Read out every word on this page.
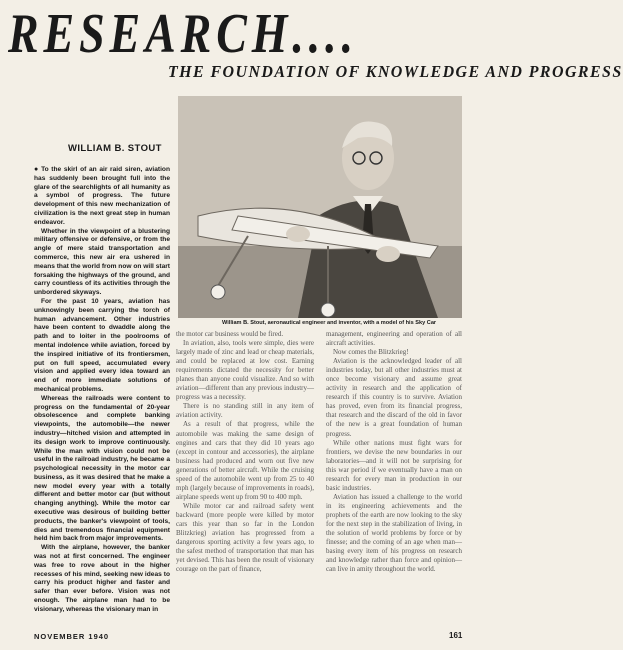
RESEARCH....
THE FOUNDATION OF KNOWLEDGE AND PROGRESS
WILLIAM B. STOUT

● To the skirl of an air raid siren, aviation has suddenly been brought full into the glare of the searchlights of all humanity as a symbol of progress. The future development of this new mechanization of civilization is the next great step in human endeavor.

Whether in the viewpoint of a blustering military offensive or defensive, or from the angle of mere staid transportation and commerce, this new air era ushered in means that the world from now on will start forsaking the highways of the ground, and carry countless of its activities through the unbordered skyways.

For the past 10 years, aviation has unknowingly been carrying the torch of human advancement. Other industries have been content to dwaddle along the path and to loiter in the poolrooms of mental indolence while aviation, forced by the inspired initiative of its frontiersmen, put on full speed, accumulated every vision and applied every idea toward an end of more immediate solutions of mechanical problems.

Whereas the railroads were content to progress on the fundamental of 20-year obsolescence and complete banking viewpoints, the automobile—the newer industry—hitched vision and attempted in its design work to improve continuously. While the man with vision could not be useful in the railroad industry, he became a psychological necessity in the motor car business, as it was desired that he make a new model every year with a totally different and better motor car (but without changing anything). While the motor car executive was desirous of building better products, the banker's viewpoint of tools, dies and tremendous financial equipment held him back from major improvements.

With the airplane, however, the banker was not at first concerned. The engineer was free to rove about in the higher recesses of his mind, seeking new ideas to carry his product higher and faster and safer than ever before. Vision was not enough. The airplane man had to be visionary, whereas the visionary man in

William B. Stout, aeronautical engineer and inventor, with a model of his Sky Car

the motor car business would be fired.

In aviation, also, tools were simple, dies were largely made of zinc and lead or cheap materials, and could be replaced at low cost. Earning requirements dictated the necessity for better planes than anyone could visualize. And so with aviation—different than any previous industry—progress was a necessity.

There is no standing still in any item of aviation activity.

As a result of that progress, while the automobile was making the same design of engines and cars that they did 10 years ago (except in contour and accessories), the airplane business had produced and worn out five new generations of better aircraft. While the cruising speed of the automobile went up from 25 to 40 mph (largely because of improvements in roads), airplane speeds went up from 90 to 400 mph.

While motor car and railroad safety went backward (more people were killed by motor cars this year than so far in the London Blitzkrieg) aviation has progressed from a dangerous sporting activity a few years ago, to the safest method of transportation that man has yet devised. This has been the result of visionary courage on the part of finance,

management, engineering and operation of all aircraft activities.

Now comes the Blitzkrieg!

Aviation is the acknowledged leader of all industries today, but all other industries must at once become visionary and assume great activity in research and the application of research if this country is to survive. Aviation has proved, even from its financial progress, that research and the discard of the old in favor of the new is a great foundation of human progress.

While other nations must fight wars for frontiers, we devise the new boundaries in our laboratories—and it will not be surprising for this war period if we eventually have a man on research for every man in production in our basic industries.

Aviation has issued a challenge to the world in its engineering achievements and the prophets of the earth are now looking to the sky for the next step in the stabilization of living, in the solution of world problems by force or by finesse; and the coming of an age when man—basing every item of his progress on research and knowledge rather than force and opinion—can live in amity throughout the world.

NOVEMBER 1940	161
